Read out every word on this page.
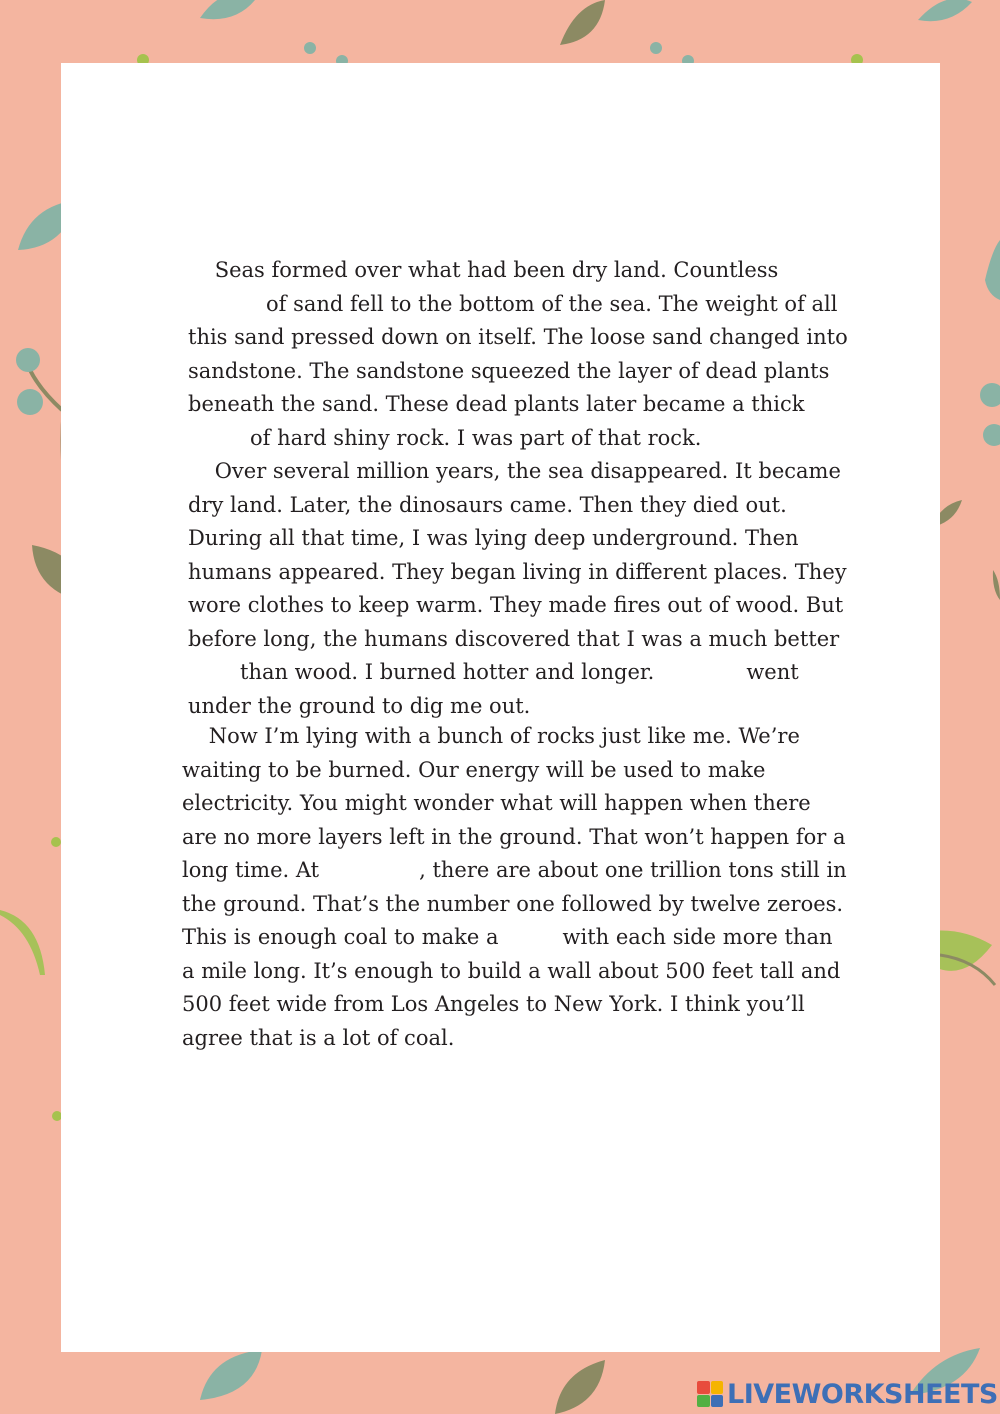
Seas formed over what had been dry land. Countless
of sand fell to the bottom of the sea. The weight of all
this sand pressed down on itself. The loose sand changed into
sandstone. The sandstone squeezed the layer of dead plants
beneath the sand. These dead plants later became a thick
of hard shiny rock. I was part of that rock.
Over several million years, the sea disappeared. It became
dry land. Later, the dinosaurs came. Then they died out.
During all that time, I was lying deep underground. Then
humans appeared. They began living in different places. They
wore clothes to keep warm. They made fires out of wood. But
before long, the humans discovered that I was a much better
than wood. I burned hotter and longer.	went
under the ground to dig me out.
Now I’m lying with a bunch of rocks just like me. We’re
waiting to be burned. Our energy will be used to make
electricity. You might wonder what will happen when there
are no more layers left in the ground. That won’t happen for a
long time. At	, there are about one trillion tons still in
the ground. That’s the number one followed by twelve zeroes.
This is enough coal to make a	with each side more than
a mile long. It’s enough to build a wall about 500 feet tall and
500 feet wide from Los Angeles to New York. I think you’ll
agree that is a lot of coal.
LIVEWORKSHEETS
